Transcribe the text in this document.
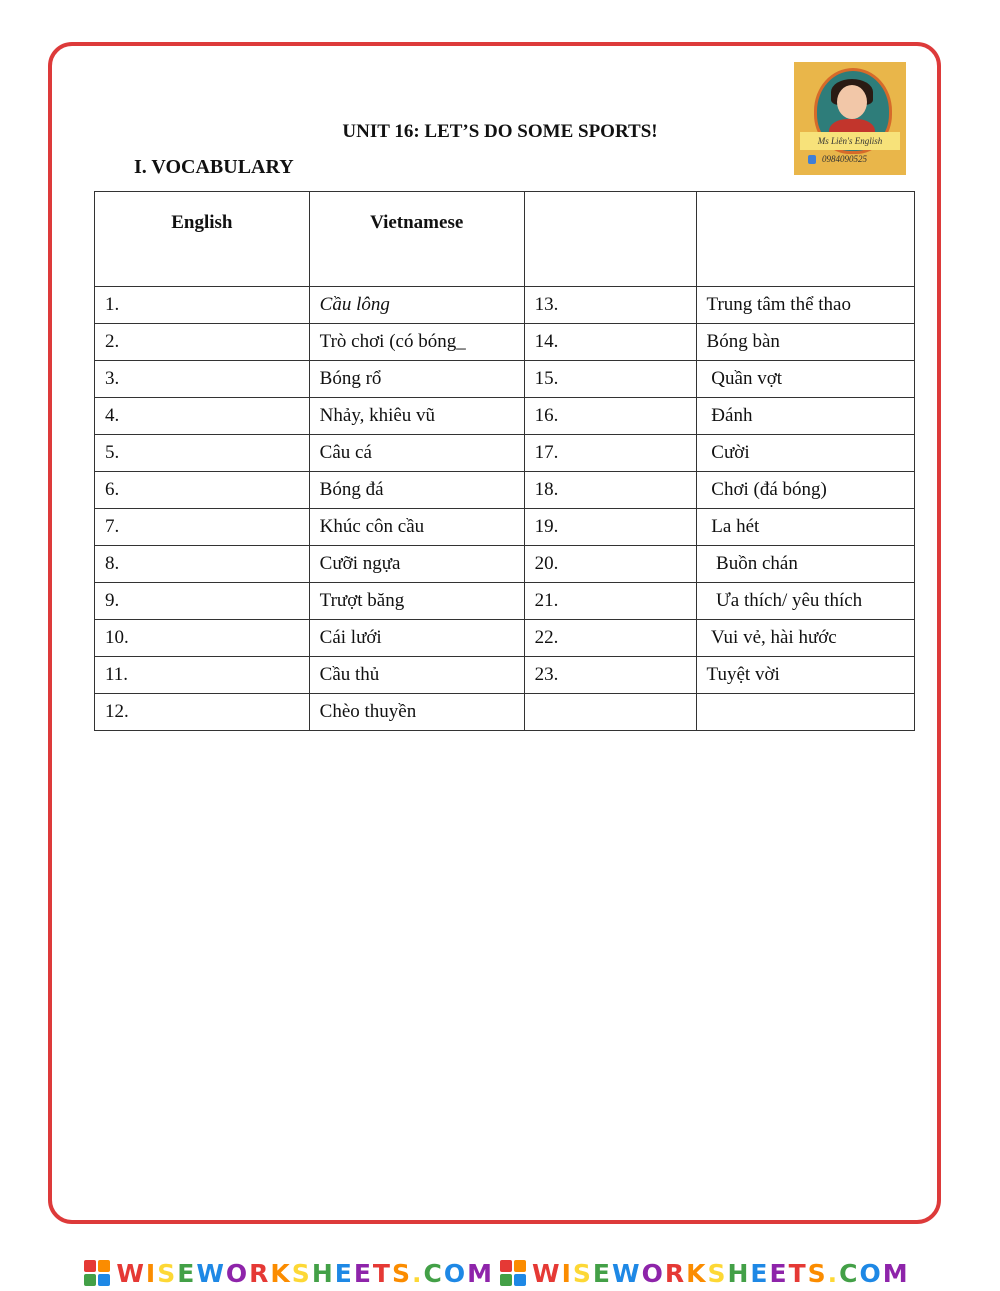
Ms Liên's English
0984090525
UNIT 16: LET’S DO SOME SPORTS!
I. VOCABULARY
English	Vietnamese		
1.	Cầu lông	13.	Trung tâm thể thao
2.	Trò chơi (có bóng_	14.	Bóng bàn
3.	Bóng rổ	15.	Quần vợt
4.	Nhảy, khiêu vũ	16.	Đánh
5.	Câu cá	17.	Cười
6.	Bóng đá	18.	Chơi (đá bóng)
7.	Khúc côn cầu	19.	La hét
8.	Cưỡi ngựa	20.	Buồn chán
9.	Trượt băng	21.	Ưa thích/ yêu thích
10.	Cái lưới	22.	Vui vẻ, hài hước
11.	Cầu thủ	23.	Tuyệt vời
12.	Chèo thuyền		
WISEWORKSHEETS.COM WISEWORKSHEETS.COM
